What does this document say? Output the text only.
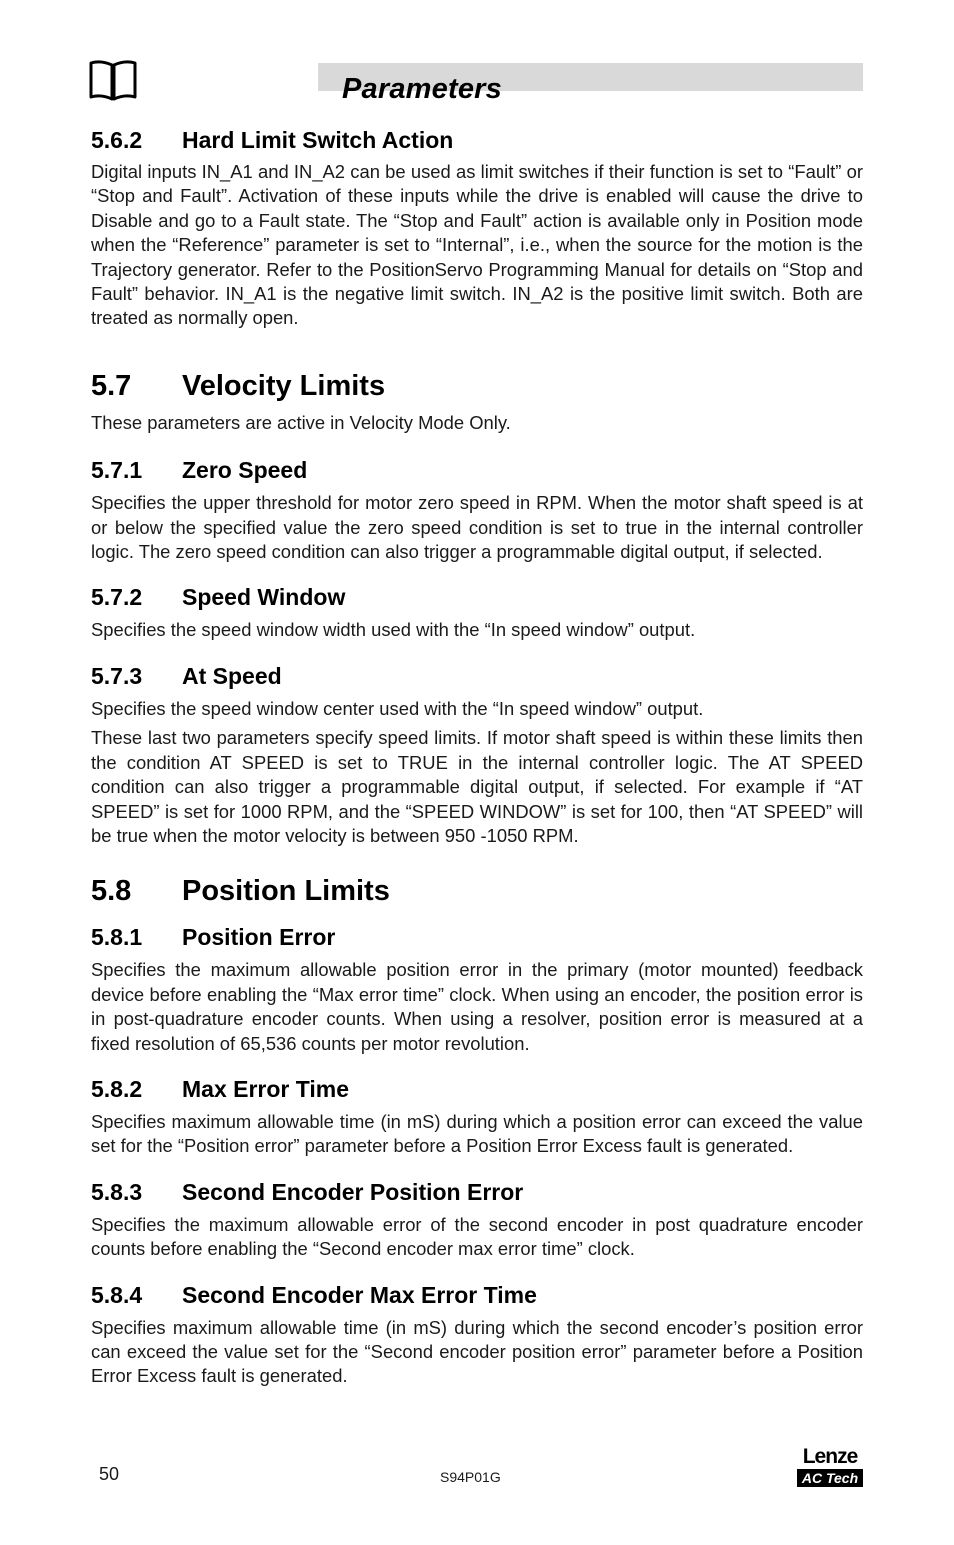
Parameters
5.6.2 Hard Limit Switch Action

Digital inputs IN_A1 and IN_A2 can be used as limit switches if their function is set to “Fault” or “Stop and Fault”. Activation of these inputs while the drive is enabled will cause the drive to Disable and go to a Fault state. The “Stop and Fault” action is available only in Position mode when the “Reference” parameter is set to “Internal”, i.e., when the source for the motion is the Trajectory generator. Refer to the PositionServo Programming Manual for details on “Stop and Fault” behavior. IN_A1 is the negative limit switch. IN_A2 is the positive limit switch. Both are treated as normally open.

5.7 Velocity Limits

These parameters are active in Velocity Mode Only.

5.7.1 Zero Speed

Specifies the upper threshold for motor zero speed in RPM. When the motor shaft speed is at or below the specified value the zero speed condition is set to true in the internal controller logic. The zero speed condition can also trigger a programmable digital output, if selected.

5.7.2 Speed Window

Specifies the speed window width used with the “In speed window” output.

5.7.3 At Speed

Specifies the speed window center used with the “In speed window” output.

These last two parameters specify speed limits. If motor shaft speed is within these limits then the condition AT SPEED is set to TRUE in the internal controller logic. The AT SPEED condition can also trigger a programmable digital output, if selected. For example if “AT SPEED” is set for 1000 RPM, and the “SPEED WINDOW” is set for 100, then “AT SPEED” will be true when the motor velocity is between 950 -1050 RPM.

5.8 Position Limits
5.8.1 Position Error

Specifies the maximum allowable position error in the primary (motor mounted) feedback device before enabling the “Max error time” clock. When using an encoder, the position error is in post-quadrature encoder counts. When using a resolver, position error is measured at a fixed resolution of 65,536 counts per motor revolution.

5.8.2 Max Error Time

Specifies maximum allowable time (in mS) during which a position error can exceed the value set for the “Position error” parameter before a Position Error Excess fault is generated.

5.8.3 Second Encoder Position Error

Specifies the maximum allowable error of the second encoder in post quadrature encoder counts before enabling the “Second encoder max error time” clock.

5.8.4 Second Encoder Max Error Time

Specifies maximum allowable time (in mS) during which the second encoder’s position error can exceed the value set for the “Second encoder position error” parameter before a Position Error Excess fault is generated.

50	S94P01G
Lenze
AC Tech
